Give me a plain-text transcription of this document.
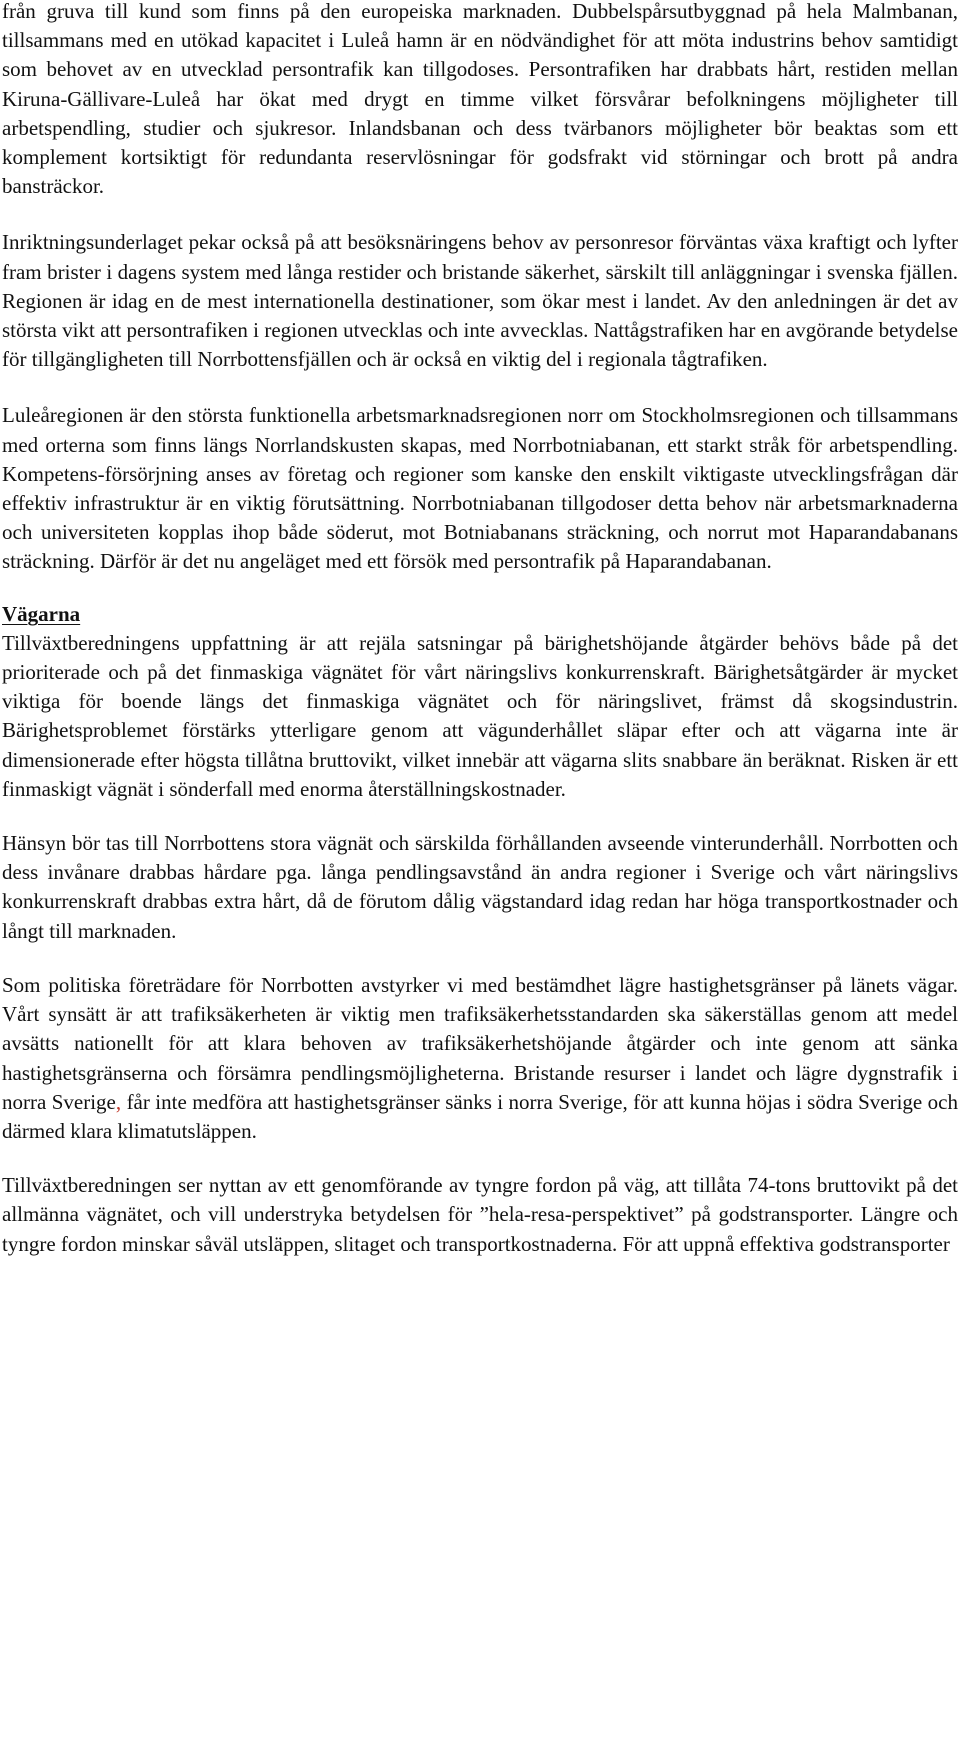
från gruva till kund som finns på den europeiska marknaden. Dubbelspårsutbyggnad på hela Malmbanan, tillsammans med en utökad kapacitet i Luleå hamn är en nödvändighet för att möta industrins behov samtidigt som behovet av en utvecklad persontrafik kan tillgodoses. Persontrafiken har drabbats hårt, restiden mellan Kiruna-Gällivare-Luleå har ökat med drygt en timme vilket försvårar befolkningens möjligheter till arbetspendling, studier och sjukresor. Inlandsbanan och dess tvärbanors möjligheter bör beaktas som ett komplement kortsiktigt för redundanta reservlösningar för godsfrakt vid störningar och brott på andra bansträckor.

Inriktningsunderlaget pekar också på att besöksnäringens behov av personresor förväntas växa kraftigt och lyfter fram brister i dagens system med långa restider och bristande säkerhet, särskilt till anläggningar i svenska fjällen. Regionen är idag en de mest internationella destinationer, som ökar mest i landet. Av den anledningen är det av största vikt att persontrafiken i regionen utvecklas och inte avvecklas. Nattågstrafiken har en avgörande betydelse för tillgängligheten till Norrbottensfjällen och är också en viktig del i regionala tågtrafiken.

Luleåregionen är den största funktionella arbetsmarknadsregionen norr om Stockholmsregionen och tillsammans med orterna som finns längs Norrlandskusten skapas, med Norrbotniabanan, ett starkt stråk för arbetspendling. Kompetens-försörjning anses av företag och regioner som kanske den enskilt viktigaste utvecklingsfrågan där effektiv infrastruktur är en viktig förutsättning. Norrbotniabanan tillgodoser detta behov när arbetsmarknaderna och universiteten kopplas ihop både söderut, mot Botniabanans sträckning, och norrut mot Haparandabanans sträckning. Därför är det nu angeläget med ett försök med persontrafik på Haparandabanan.

Vägarna

Tillväxtberedningens uppfattning är att rejäla satsningar på bärighetshöjande åtgärder behövs både på det prioriterade och på det finmaskiga vägnätet för vårt näringslivs konkurrenskraft. Bärighetsåtgärder är mycket viktiga för boende längs det finmaskiga vägnätet och för näringslivet, främst då skogsindustrin. Bärighetsproblemet förstärks ytterligare genom att vägunderhållet släpar efter och att vägarna inte är dimensionerade efter högsta tillåtna bruttovikt, vilket innebär att vägarna slits snabbare än beräknat. Risken är ett finmaskigt vägnät i sönderfall med enorma återställningskostnader.

Hänsyn bör tas till Norrbottens stora vägnät och särskilda förhållanden avseende vinterunderhåll. Norrbotten och dess invånare drabbas hårdare pga. långa pendlingsavstånd än andra regioner i Sverige och vårt näringslivs konkurrenskraft drabbas extra hårt, då de förutom dålig vägstandard idag redan har höga transportkostnader och långt till marknaden.

Som politiska företrädare för Norrbotten avstyrker vi med bestämdhet lägre hastighetsgränser på länets vägar. Vårt synsätt är att trafiksäkerheten är viktig men trafiksäkerhetsstandarden ska säkerställas genom att medel avsätts nationellt för att klara behoven av trafiksäkerhetshöjande åtgärder och inte genom att sänka hastighetsgränserna och försämra pendlingsmöjligheterna. Bristande resurser i landet och lägre dygnstrafik i norra Sverige, får inte medföra att hastighetsgränser sänks i norra Sverige, för att kunna höjas i södra Sverige och därmed klara klimatutsläppen.

Tillväxtberedningen ser nyttan av ett genomförande av tyngre fordon på väg, att tillåta 74-tons bruttovikt på det allmänna vägnätet, och vill understryka betydelsen för ”hela-resa-perspektivet” på godstransporter. Längre och tyngre fordon minskar såväl utsläppen, slitaget och transportkostnaderna. För att uppnå effektiva godstransporter
